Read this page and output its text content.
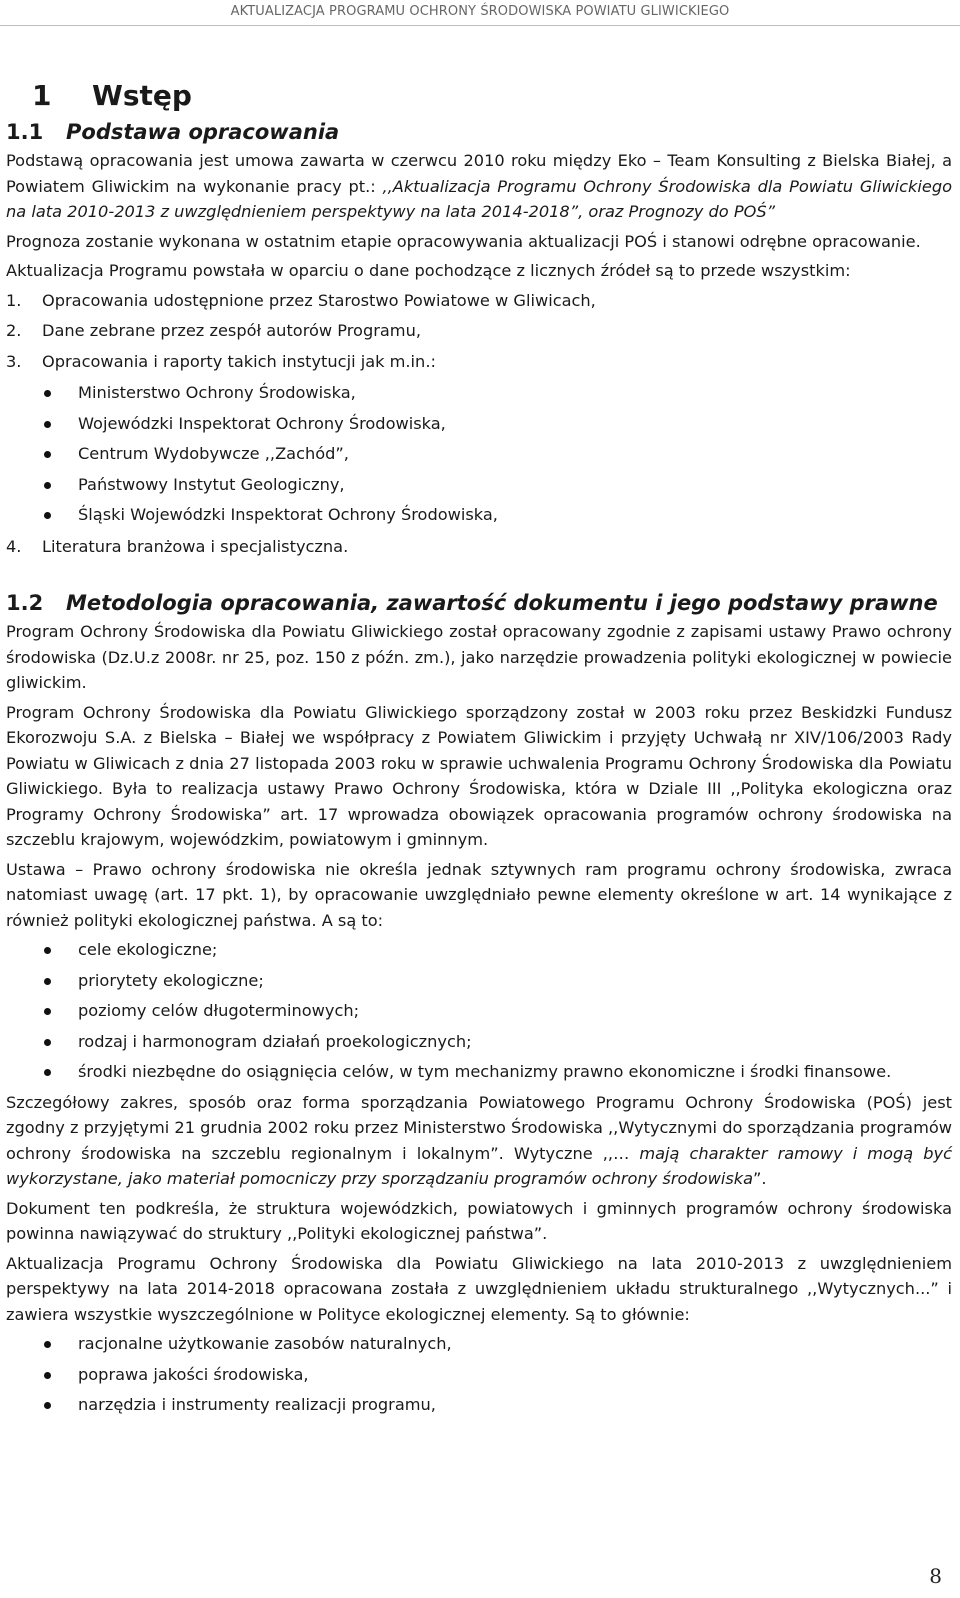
AKTUALIZACJA PROGRAMU OCHRONY ŚRODOWISKA POWIATU GLIWICKIEGO
1 Wstęp
1.1 Podstawa opracowania

Podstawą opracowania jest umowa zawarta w czerwcu 2010 roku między Eko – Team Konsulting z Bielska Białej, a Powiatem Gliwickim na wykonanie pracy pt.: ,,Aktualizacja Programu Ochrony Środowiska dla Powiatu Gliwickiego na lata 2010-2013 z uwzględnieniem perspektywy na lata 2014-2018”, oraz Prognozy do POŚ”

Prognoza zostanie wykonana w ostatnim etapie opracowywania aktualizacji POŚ i stanowi odrębne opracowanie.

Aktualizacja Programu powstała w oparciu o dane pochodzące z licznych źródeł są to przede wszystkim:

1.	Opracowania udostępnione przez Starostwo Powiatowe w Gliwicach,
2.	Dane zebrane przez zespół autorów Programu,
3.	Opracowania i raporty takich instytucji jak m.in.:
Ministerstwo Ochrony Środowiska,
Wojewódzki Inspektorat Ochrony Środowiska,
Centrum Wydobywcze ,,Zachód”,
Państwowy Instytut Geologiczny,
Śląski Wojewódzki Inspektorat Ochrony Środowiska,
4.	Literatura branżowa i specjalistyczna.
1.2 Metodologia opracowania, zawartość dokumentu i jego podstawy prawne

Program Ochrony Środowiska dla Powiatu Gliwickiego został opracowany zgodnie z zapisami ustawy Prawo ochrony środowiska (Dz.U.z 2008r. nr 25, poz. 150 z późn. zm.), jako narzędzie prowadzenia polityki ekologicznej w powiecie gliwickim.

Program Ochrony Środowiska dla Powiatu Gliwickiego sporządzony został w 2003 roku przez Beskidzki Fundusz Ekorozwoju S.A. z Bielska – Białej we współpracy z Powiatem Gliwickim i przyjęty Uchwałą nr XIV/106/2003 Rady Powiatu w Gliwicach z dnia 27 listopada 2003 roku w sprawie uchwalenia Programu Ochrony Środowiska dla Powiatu Gliwickiego. Była to realizacja ustawy Prawo Ochrony Środowiska, która w Dziale III ,,Polityka ekologiczna oraz Programy Ochrony Środowiska” art. 17 wprowadza obowiązek opracowania programów ochrony środowiska na szczeblu krajowym, wojewódzkim, powiatowym i gminnym.

Ustawa – Prawo ochrony środowiska nie określa jednak sztywnych ram programu ochrony środowiska, zwraca natomiast uwagę (art. 17 pkt. 1), by opracowanie uwzględniało pewne elementy określone w art. 14 wynikające z również polityki ekologicznej państwa. A są to:

cele ekologiczne;
priorytety ekologiczne;
poziomy celów długoterminowych;
rodzaj i harmonogram działań proekologicznych;
środki niezbędne do osiągnięcia celów, w tym mechanizmy prawno ekonomiczne i środki finansowe.

Szczegółowy zakres, sposób oraz forma sporządzania Powiatowego Programu Ochrony Środowiska (POŚ) jest zgodny z przyjętymi 21 grudnia 2002 roku przez Ministerstwo Środowiska ,,Wytycznymi do sporządzania programów ochrony środowiska na szczeblu regionalnym i lokalnym”. Wytyczne ,,… mają charakter ramowy i mogą być wykorzystane, jako materiał pomocniczy przy sporządzaniu programów ochrony środowiska”.

Dokument ten podkreśla, że struktura wojewódzkich, powiatowych i gminnych programów ochrony środowiska powinna nawiązywać do struktury ,,Polityki ekologicznej państwa”.

Aktualizacja Programu Ochrony Środowiska dla Powiatu Gliwickiego na lata 2010-2013 z uwzględnieniem perspektywy na lata 2014-2018 opracowana została z uwzględnieniem układu strukturalnego ,,Wytycznych...” i zawiera wszystkie wyszczególnione w Polityce ekologicznej elementy. Są to głównie:

racjonalne użytkowanie zasobów naturalnych,
poprawa jakości środowiska,
narzędzia i instrumenty realizacji programu,
8
